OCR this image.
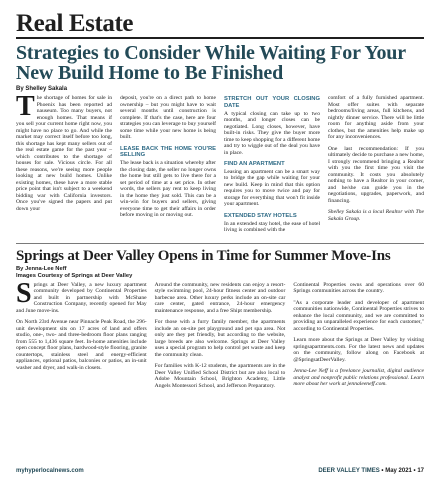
Real Estate
Strategies to Consider While Waiting For Your New Build Home to Be Finished
By Shelley Sakala

The shortage of homes for sale in Phoenix has been reported ad nauseum. Too many buyers, not enough homes. That means if you sell your current home right now, you might have no place to go. And while the market may correct itself before too long, this shortage has kept many sellers out of the real estate game for the past year – which contributes to the shortage of houses for sale. Vicious circle. For all these reasons, we're seeing more people looking at new build homes. Unlike existing homes, these have a more stable price point that isn't subject to a weekend bidding war with California investors. Once you've signed the papers and put down your

deposit, you're on a direct path to home ownership – but you might have to wait several months until construction is complete. If that's the case, here are four strategies you can leverage to buy yourself some time while your new home is being built.

LEASE BACK THE HOME YOU'RE SELLING

The lease back is a situation whereby after the closing date, the seller no longer owns the home but still gets to live there for a set period of time at a set price. In other words, the sellers pay rent to keep living in the home they just sold. This can be a win-win for buyers and sellers, giving everyone time to get their affairs in order before moving in or moving out.

STRETCH OUT YOUR CLOSING DATE

A typical closing can take up to two months, and longer closes can be negotiated. Long closes, however, have built-in risks. They give the buyer more time to keep shopping for a different home and try to wiggle out of the deal you have in place.

FIND AN APARTMENT

Leasing an apartment can be a smart way to bridge the gap while waiting for your new build. Keep in mind that this option requires you to move twice and pay for storage for everything that won't fit inside your apartment.

EXTENDED STAY HOTELS

In an extended stay hotel, the ease of hotel living is combined with the

comfort of a fully furnished apartment. Most offer suites with separate bedrooms/living areas, full kitchens, and nightly dinner service. There will be little room for anything aside from your clothes, but the amenities help make up for any inconveniences.

One last recommendation: If you ultimately decide to purchase a new home, I strongly recommend bringing a Realtor with you the first time you visit the community. It costs you absolutely nothing to have a Realtor in your corner, and he/she can guide you in the negotiations, upgrades, paperwork, and financing.

Shelley Sakala is a local Realtor with The Sakala Group.

Springs at Deer Valley Opens in Time for Summer Move-Ins
By Jenna-Lee Neff
Images Courtesy of Springs at Deer Valley

Springs at Deer Valley, a new luxury apartment community developed by Continental Properties and built in partnership with McShane Construction Company, recently opened for May and June move-ins.

On North 23rd Avenue near Pinnacle Peak Road, the 296-unit development sits on 17 acres of land and offers studio, one-, two- and three-bedroom floor plans ranging from 555 to 1,436 square feet. In-home amenities include open concept floor plans, hardwood-style flooring, granite countertops, stainless steel and energy-efficient appliances, optional patios, balconies or patios, an in-unit washer and dryer, and walk-in closets.

Around the community, new residents can enjoy a resort-style swimming pool, 24-hour fitness center and outdoor barbecue area. Other luxury perks include an on-site car care center, gated entrance, 24-hour emergency maintenance response, and a free Shipt membership.

For those with a furry family member, the apartments include an on-site pet playground and pet spa area. Not only are they pet friendly, but according to the website, large breeds are also welcome. Springs at Deer Valley uses a special program to help control pet waste and keep the community clean.

For families with K-12 students, the apartments are in the Deer Valley Unified School District but are also local to Adobe Mountain School, Brighton Academy, Little Angels Montessori School, and Jefferson Preparatory.

Continental Properties owns and operations over 60 Springs communities across the country.

"As a corporate leader and developer of apartment communities nationwide, Continental Properties strives to enhance the local community, and we are committed to providing an unparalleled experience for each customer," according to Continental Properties.

Learn more about the Springs at Deer Valley by visiting springsapartments.com. For the latest news and updates on the community, follow along on Facebook at @SpringsatDeerValley.

Jenna-Lee Neff is a freelance journalist, digital audience analyst and nonprofit public relations professional. Learn more about her work at jennaleeneff.com.

myhyperlocalnews.com	DEER VALLEY TIMES • May 2021 • 17
